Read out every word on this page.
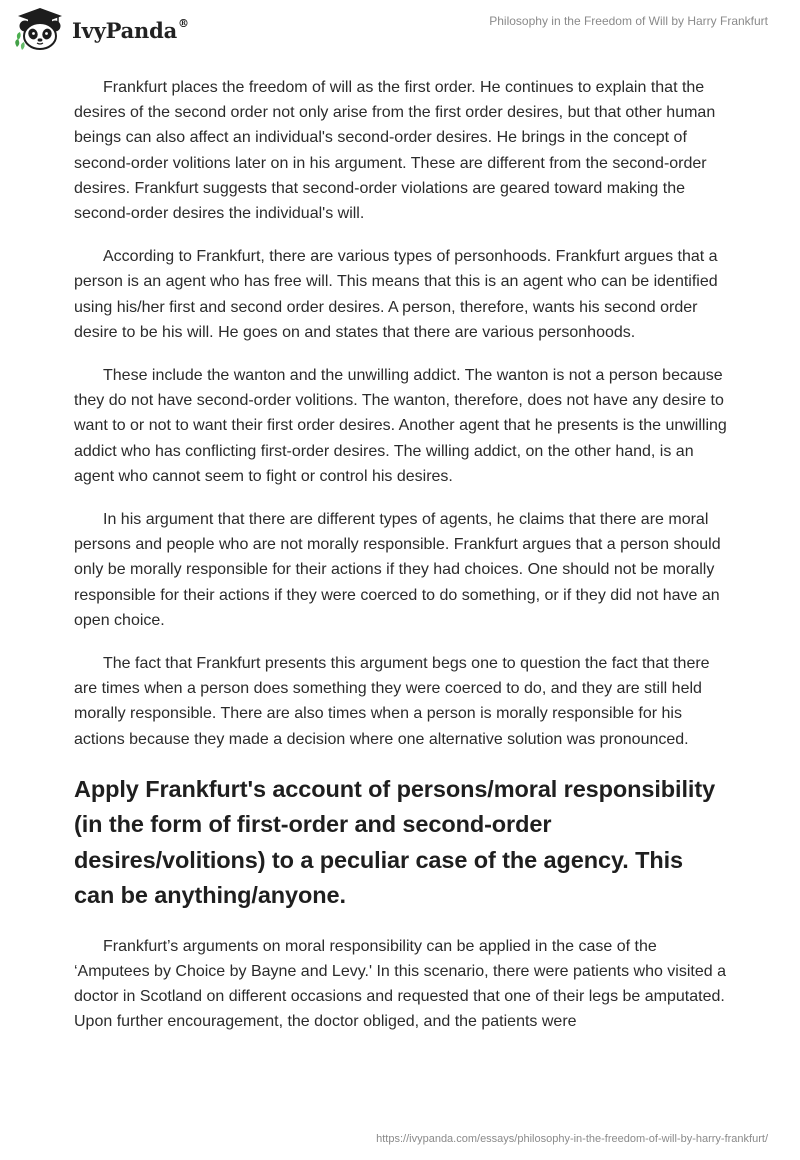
IvyPanda®	Philosophy in the Freedom of Will by Harry Frankfurt

Frankfurt places the freedom of will as the first order. He continues to explain that the desires of the second order not only arise from the first order desires, but that other human beings can also affect an individual's second-order desires. He brings in the concept of second-order volitions later on in his argument. These are different from the second-order desires. Frankfurt suggests that second-order violations are geared toward making the second-order desires the individual's will.

According to Frankfurt, there are various types of personhoods. Frankfurt argues that a person is an agent who has free will. This means that this is an agent who can be identified using his/her first and second order desires. A person, therefore, wants his second order desire to be his will. He goes on and states that there are various personhoods.

These include the wanton and the unwilling addict. The wanton is not a person because they do not have second-order volitions. The wanton, therefore, does not have any desire to want to or not to want their first order desires. Another agent that he presents is the unwilling addict who has conflicting first-order desires. The willing addict, on the other hand, is an agent who cannot seem to fight or control his desires.

In his argument that there are different types of agents, he claims that there are moral persons and people who are not morally responsible. Frankfurt argues that a person should only be morally responsible for their actions if they had choices. One should not be morally responsible for their actions if they were coerced to do something, or if they did not have an open choice.

The fact that Frankfurt presents this argument begs one to question the fact that there are times when a person does something they were coerced to do, and they are still held morally responsible. There are also times when a person is morally responsible for his actions because they made a decision where one alternative solution was pronounced.

Apply Frankfurt's account of persons/moral responsibility (in the form of first-order and second-order desires/volitions) to a peculiar case of the agency. This can be anything/anyone.

Frankfurt’s arguments on moral responsibility can be applied in the case of the ‘Amputees by Choice by Bayne and Levy.' In this scenario, there were patients who visited a doctor in Scotland on different occasions and requested that one of their legs be amputated. Upon further encouragement, the doctor obliged, and the patients were

https://ivypanda.com/essays/philosophy-in-the-freedom-of-will-by-harry-frankfurt/
